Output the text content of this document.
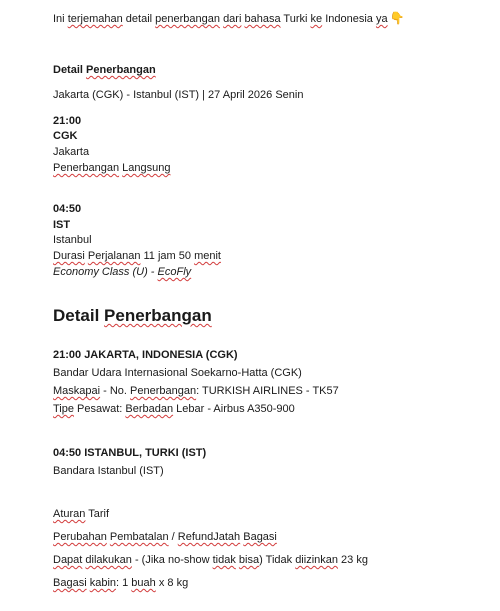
Ini terjemahan detail penerbangan dari bahasa Turki ke Indonesia ya 👇
Detail Penerbangan
Jakarta (CGK) - Istanbul (IST) | 27 April 2026 Senin
21:00
CGK
Jakarta
Penerbangan Langsung
04:50
IST
Istanbul
Durasi Perjalanan 11 jam 50 menit
Economy Class (U) - EcoFly
Detail Penerbangan
21:00 JAKARTA, INDONESIA (CGK)
Bandar Udara Internasional Soekarno-Hatta (CGK)
Maskapai - No. Penerbangan: TURKISH AIRLINES - TK57
Tipe Pesawat: Berbadan Lebar - Airbus A350-900
04:50 ISTANBUL, TURKI (IST)
Bandara Istanbul (IST)
Aturan Tarif
Perubahan Pembatalan / RefundJatah Bagasi
Dapat dilakukan - (Jika no-show tidak bisa) Tidak diizinkan 23 kg
Bagasi kabin: 1 buah x 8 kg
